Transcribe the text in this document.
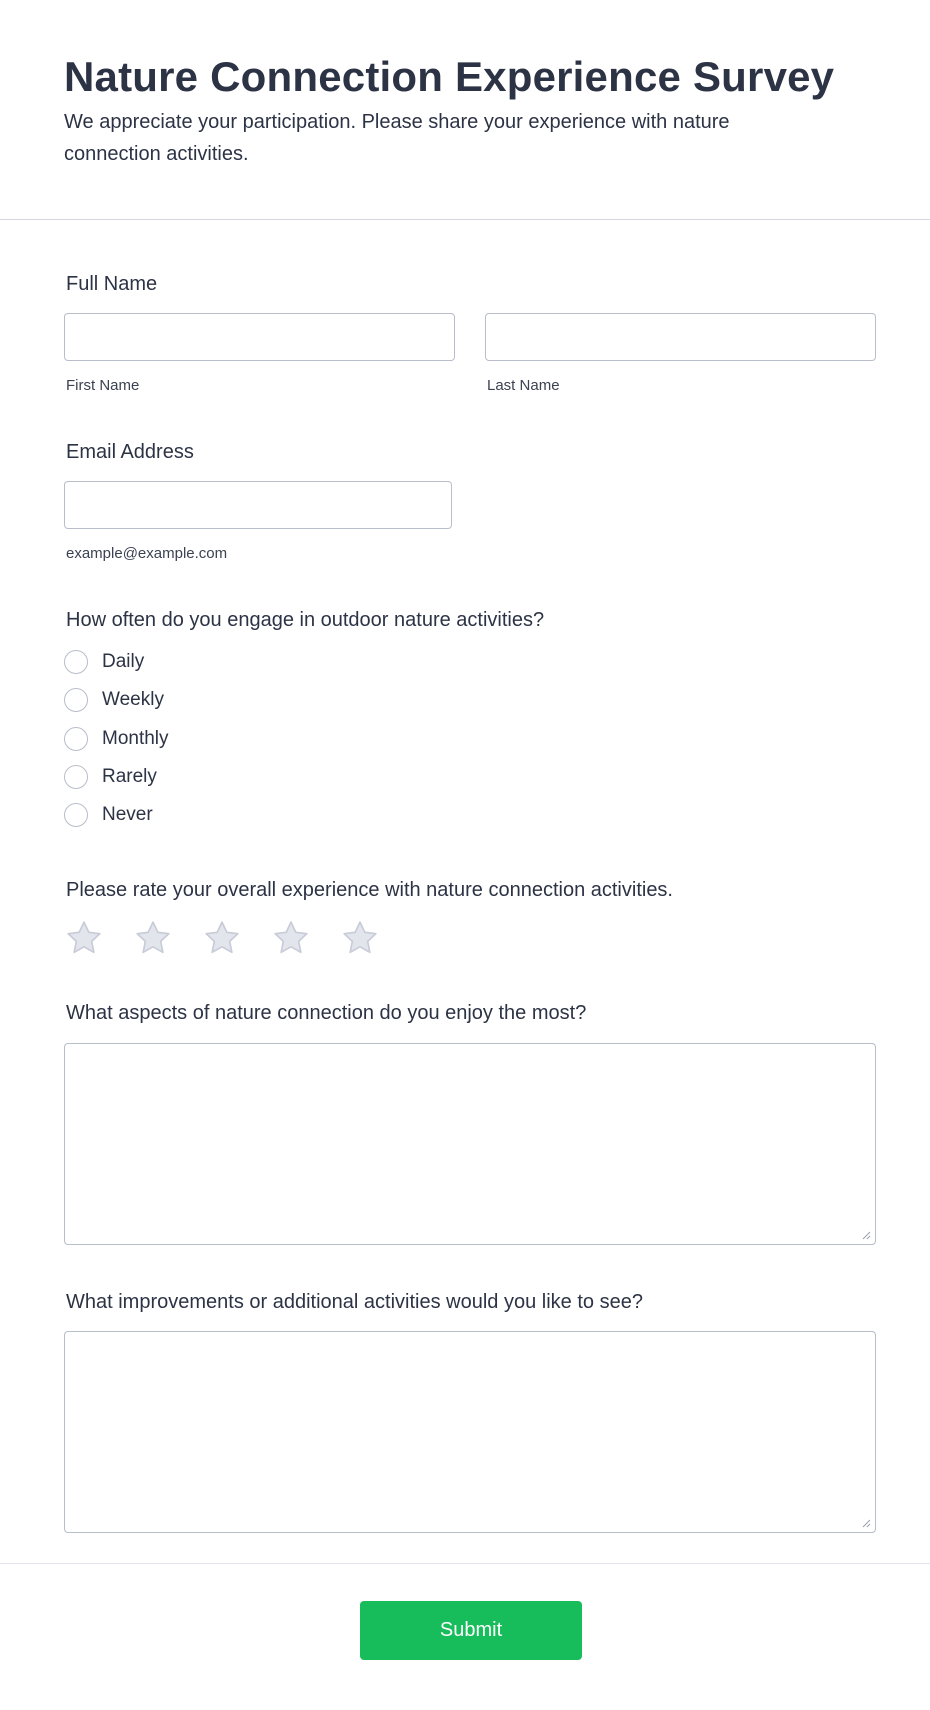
Nature Connection Experience Survey

We appreciate your participation. Please share your experience with nature connection activities.

Full Name
First Name	Last Name
Email Address
example@example.com
How often do you engage in outdoor nature activities?
Daily
Weekly
Monthly
Rarely
Never
Please rate your overall experience with nature connection activities.
What aspects of nature connection do you enjoy the most?
What improvements or additional activities would you like to see?
Submit
